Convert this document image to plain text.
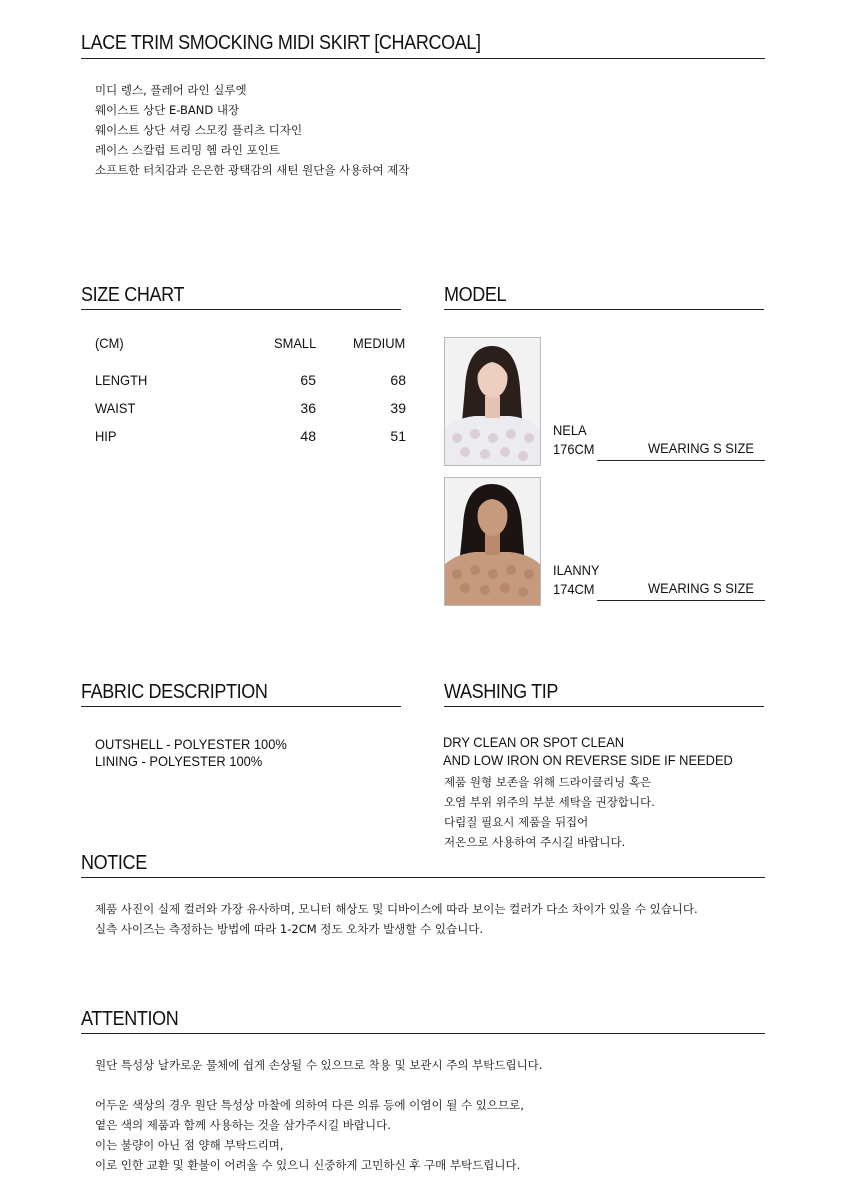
LACE TRIM SMOCKING MIDI SKIRT [CHARCOAL]
미디 렝스, 플레어 라인 실루엣
웨이스트 상단 E-BAND 내장
웨이스트 상단 셔링 스모킹 플리츠 디자인
레이스 스칼럽 트리밍 헴 라인 포인트
소프트한 터치감과 은은한 광택감의 새틴 원단을 사용하여 제작
SIZE CHART
(CM)	SMALL	MEDIUM
LENGTH	65	68
WAIST	36	39
HIP	48	51
MODEL
NELA
176CM	WEARING S SIZE
ILANNY
174CM	WEARING S SIZE
FABRIC DESCRIPTION
OUTSHELL - POLYESTER 100%
LINING - POLYESTER 100%
WASHING TIP
DRY CLEAN OR SPOT CLEAN
AND LOW IRON ON REVERSE SIDE IF NEEDED
제품 원형 보존을 위해 드라이클리닝 혹은
오염 부위 위주의 부분 세탁을 권장합니다.
다림질 필요시 제품을 뒤집어
저온으로 사용하여 주시길 바랍니다.
NOTICE
제품 사진이 실제 컬러와 가장 유사하며, 모니터 해상도 및 디바이스에 따라 보이는 컬러가 다소 차이가 있을 수 있습니다.
실측 사이즈는 측정하는 방법에 따라 1-2CM 정도 오차가 발생할 수 있습니다.
ATTENTION
원단 특성상 날카로운 물체에 쉽게 손상될 수 있으므로 착용 및 보관시 주의 부탁드립니다.
어두운 색상의 경우 원단 특성상 마찰에 의하여 다른 의류 등에 이염이 될 수 있으므로,
옅은 색의 제품과 함께 사용하는 것을 삼가주시길 바랍니다.
이는 불량이 아닌 점 양해 부탁드리며,
이로 인한 교환 및 환불이 어려울 수 있으니 신중하게 고민하신 후 구매 부탁드립니다.
